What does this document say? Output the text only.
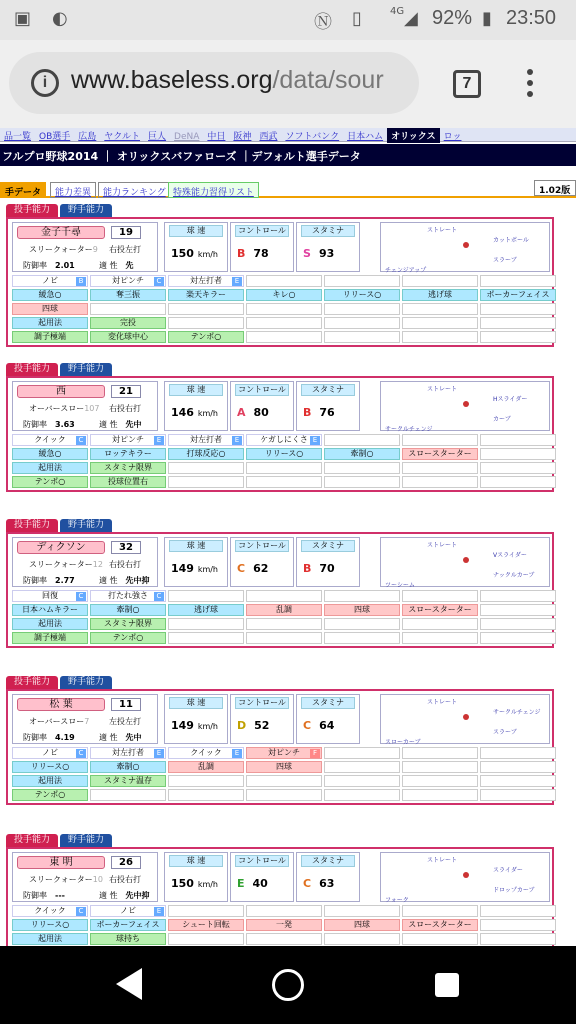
▣ ◐	Ⓝ ▯	4G ◢ 92% ▮ 23:50
i www.baseless.org/data/sour	7
品一覧 OB選手 広島 ヤクルト 巨人 DeNA 中日 阪神 西武 ソフトバンク 日本ハム オリックス ロッ
フルプロ野球2014 ｜ オリックスバファローズ ｜デフォルト選手データ
手データ	能力差異	能力ランキング 特殊能力習得リスト	1.02版
投手能力	野手能力
金子千尋	19
スリークォーター9 右投左打
防御率 2.01	適 性 先
球 速
150 km/h
コントロール
B 78
スタミナ
S 93
ストレート
カットボール
スラーブ
チェンジアップ
ノビ	B	対ピンチ	C	対左打者	E
緩急○	奪三振	楽天キラー	キレ○	リリース○	逃げ球	ポーカーフェイス
四球
起用法	完投
調子極端	変化球中心	テンポ○
投手能力	野手能力
西	21
オーバースロー107 右投右打
防御率 3.63	適 性 先中
球 速
146 km/h
コントロール
A 80
スタミナ
B 76
ストレート
Hスライダー
カーブ
サークルチェンジ
クイック	C	対ピンチ	E	対左打者	E	ケガしにくさ E
緩急○	ロッテキラー	打球反応○	リリース○	牽制○	スロースターター
起用法	スタミナ限界
テンポ○	投球位置右
投手能力	野手能力
ディクソン	32
スリークォーター12 右投右打
防御率 2.77	適 性 先中抑
球 速
149 km/h
コントロール
C 62
スタミナ
B 70
ストレート
Vスライダー
ナックルカーブ
ツーシーム
回復	C	打たれ強さ	C
日本ハムキラー	牽制○	逃げ球	乱調	四球	スロースターター
起用法	スタミナ限界
調子極端	テンポ○
投手能力	野手能力
松 葉	11
オーバースロー7 左投左打
防御率 4.19	適 性 先中
球 速
149 km/h
コントロール
D 52
スタミナ
C 64
ストレート
サークルチェンジ
スラーブ
スローカーブ
ノビ	C	対左打者	E	クイック	E	対ピンチ	F
リリース○	牽制○	乱調	四球
起用法	スタミナ温存
テンポ○
投手能力	野手能力
東 明	26
スリークォーター10 右投右打
防御率 ---	適 性 先中抑
球 速
150 km/h
コントロール
E 40
スタミナ
C 63
ストレート
スライダー
ドロップカーブ
フォーク
クイック	C	ノビ	E
リリース○	ポーカーフェイス	シュート回転	一発	四球	スロースターター
起用法	球持ち
